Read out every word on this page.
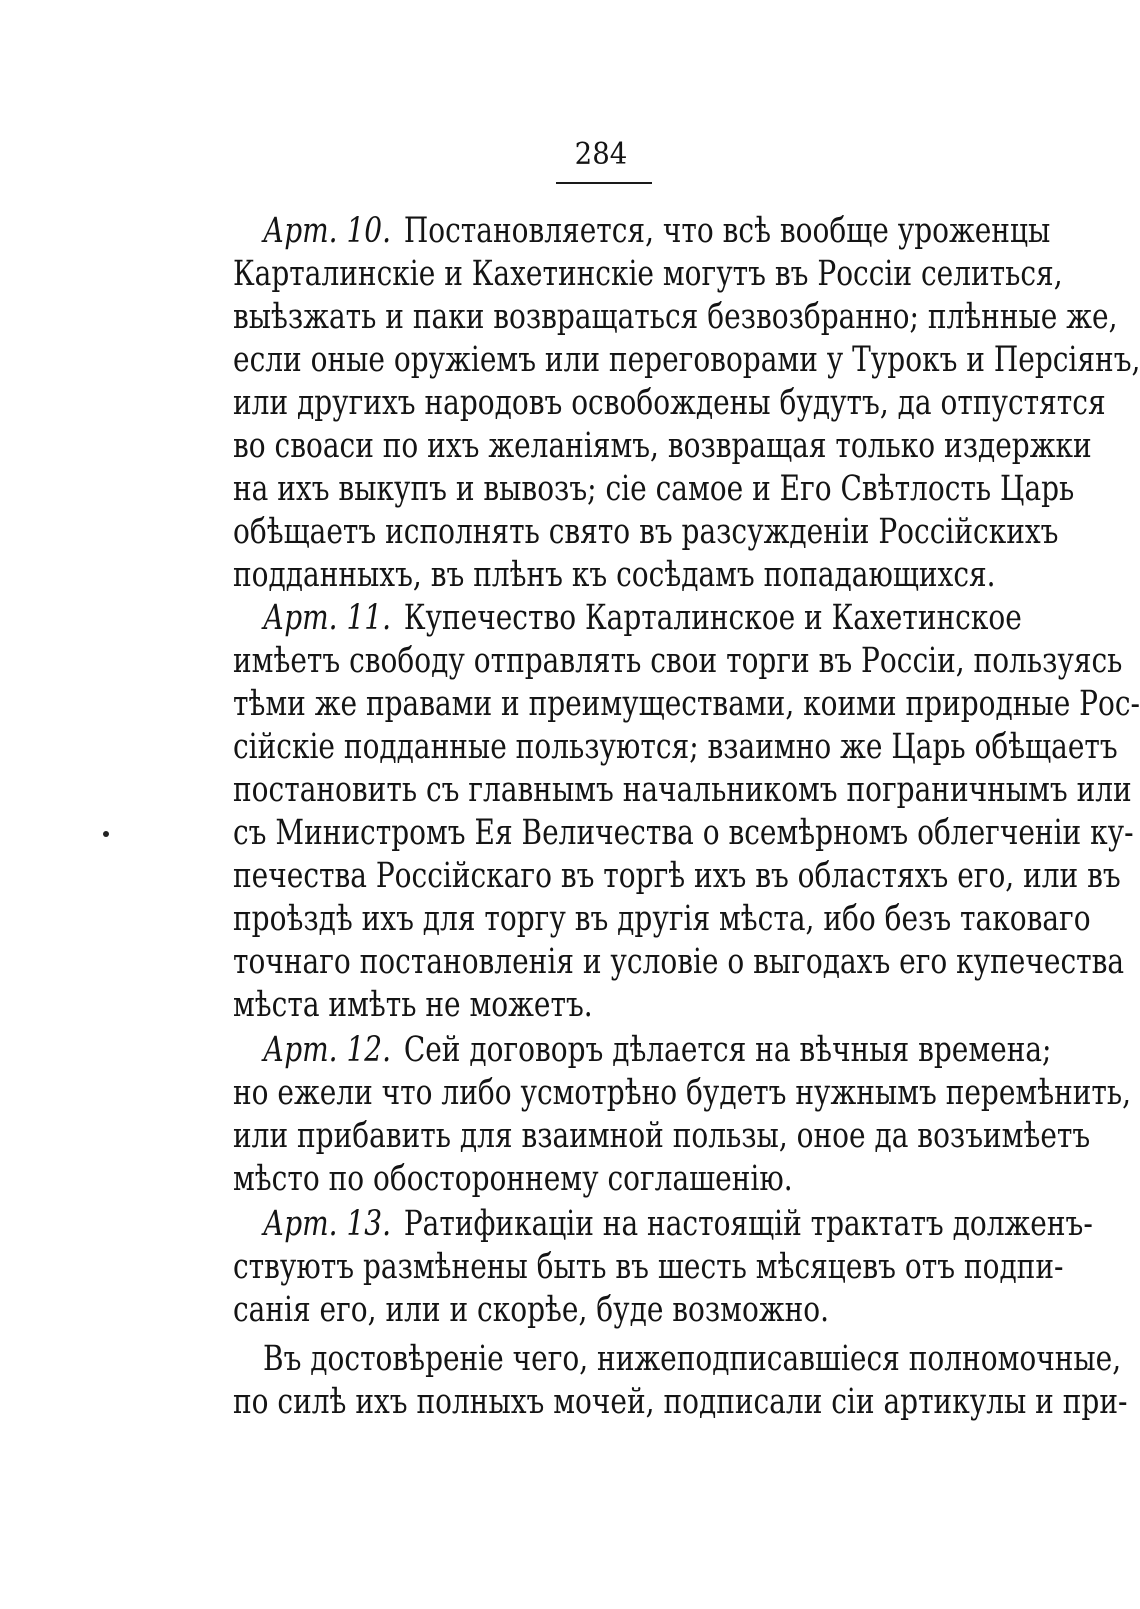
284
Арт. 10. Постановляется, что всѣ вообще уроженцы
Карталинскіе и Кахетинскіе могутъ въ Россіи селиться,
выѣзжать и паки возвращаться безвозбранно; плѣнные же,
если оные оружіемъ или переговорами у Турокъ и Персіянъ,
или другихъ народовъ освобождены будутъ, да отпустятся
во своаси по ихъ желаніямъ, возвращая только издержки
на ихъ выкупъ и вывозъ; сіе самое и Его Свѣтлость Царь
обѣщаетъ исполнять свято въ разсужденіи Россійскихъ
подданныхъ, въ плѣнъ къ сосѣдамъ попадающихся.
Арт. 11. Купечество Карталинское и Кахетинское
имѣетъ свободу отправлять свои торги въ Россіи, пользуясь
тѣми же правами и преимуществами, коими природные Рос-
сійскіе подданные пользуются; взаимно же Царь обѣщаетъ
постановить съ главнымъ начальникомъ пограничнымъ или
съ Министромъ Ея Величества о всемѣрномъ облегченіи ку-
печества Россійскаго въ торгѣ ихъ въ областяхъ его, или въ
проѣздѣ ихъ для торгу въ другія мѣста, ибо безъ таковаго
точнаго постановленія и условіе о выгодахъ его купечества
мѣста имѣть не можетъ.
Арт. 12. Сей договоръ дѣлается на вѣчныя времена;
но ежели что либо усмотрѣно будетъ нужнымъ перемѣнить,
или прибавить для взаимной пользы, оное да возъимѣетъ
мѣсто по обостороннему соглашенію.
Арт. 13. Ратификаціи на настоящій трактатъ долженъ-
ствуютъ размѣнены быть въ шесть мѣсяцевъ отъ подпи-
санія его, или и скорѣе, буде возможно.
Въ достовѣреніе чего, нижеподписавшіеся полномочные,
по силѣ ихъ полныхъ мочей, подписали сіи артикулы и при-
